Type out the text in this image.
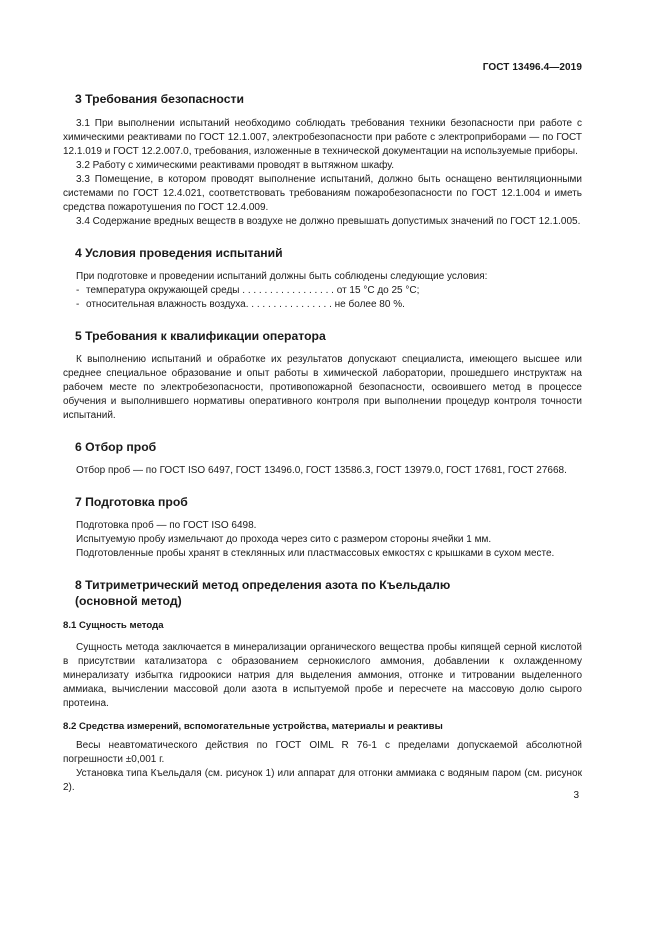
ГОСТ 13496.4—2019
3 Требования безопасности

3.1 При выполнении испытаний необходимо соблюдать требования техники безопасности при работе с химическими реактивами по ГОСТ 12.1.007, электробезопасности при работе с электроприборами — по ГОСТ 12.1.019 и ГОСТ 12.2.007.0, требования, изложенные в технической документации на используемые приборы.

3.2 Работу с химическими реактивами проводят в вытяжном шкафу.

3.3 Помещение, в котором проводят выполнение испытаний, должно быть оснащено вентиляционными системами по ГОСТ 12.4.021, соответствовать требованиям пожаробезопасности по ГОСТ 12.1.004 и иметь средства пожаротушения по ГОСТ 12.4.009.

3.4 Содержание вредных веществ в воздухе не должно превышать допустимых значений по ГОСТ 12.1.005.

4 Условия проведения испытаний

При подготовке и проведении испытаний должны быть соблюдены следующие условия:

- температура окружающей среды . . . . . . . . . . . . . . . . . от 15 °С до 25 °С;
- относительная влажность воздуха. . . . . . . . . . . . . . . . не более 80 %.
5 Требования к квалификации оператора

К выполнению испытаний и обработке их результатов допускают специалиста, имеющего высшее или среднее специальное образование и опыт работы в химической лаборатории, прошедшего инструктаж на рабочем месте по электробезопасности, противопожарной безопасности, освоившего метод в процессе обучения и выполнившего нормативы оперативного контроля при выполнении процедур контроля точности испытаний.

6 Отбор проб

Отбор проб — по ГОСТ ISO 6497, ГОСТ 13496.0, ГОСТ 13586.3, ГОСТ 13979.0, ГОСТ 17681, ГОСТ 27668.

7 Подготовка проб

Подготовка проб — по ГОСТ ISO 6498.

Испытуемую пробу измельчают до прохода через сито с размером стороны ячейки 1 мм.

Подготовленные пробы хранят в стеклянных или пластмассовых емкостях с крышками в сухом месте.

8 Титриметрический метод определения азота по Къельдалю
(основной метод)
8.1 Сущность метода

Сущность метода заключается в минерализации органического вещества пробы кипящей серной кислотой в присутствии катализатора с образованием сернокислого аммония, добавлении к охлажденному минерализату избытка гидроокиси натрия для выделения аммония, отгонке и титровании выделенного аммиака, вычислении массовой доли азота в испытуемой пробе и пересчете на массовую долю сырого протеина.

8.2 Средства измерений, вспомогательные устройства, материалы и реактивы

Весы неавтоматического действия по ГОСТ OIML R 76-1 с пределами допускаемой абсолютной погрешности ±0,001 г.

Установка типа Къельдаля (см. рисунок 1) или аппарат для отгонки аммиака с водяным паром (см. рисунок 2).

3
